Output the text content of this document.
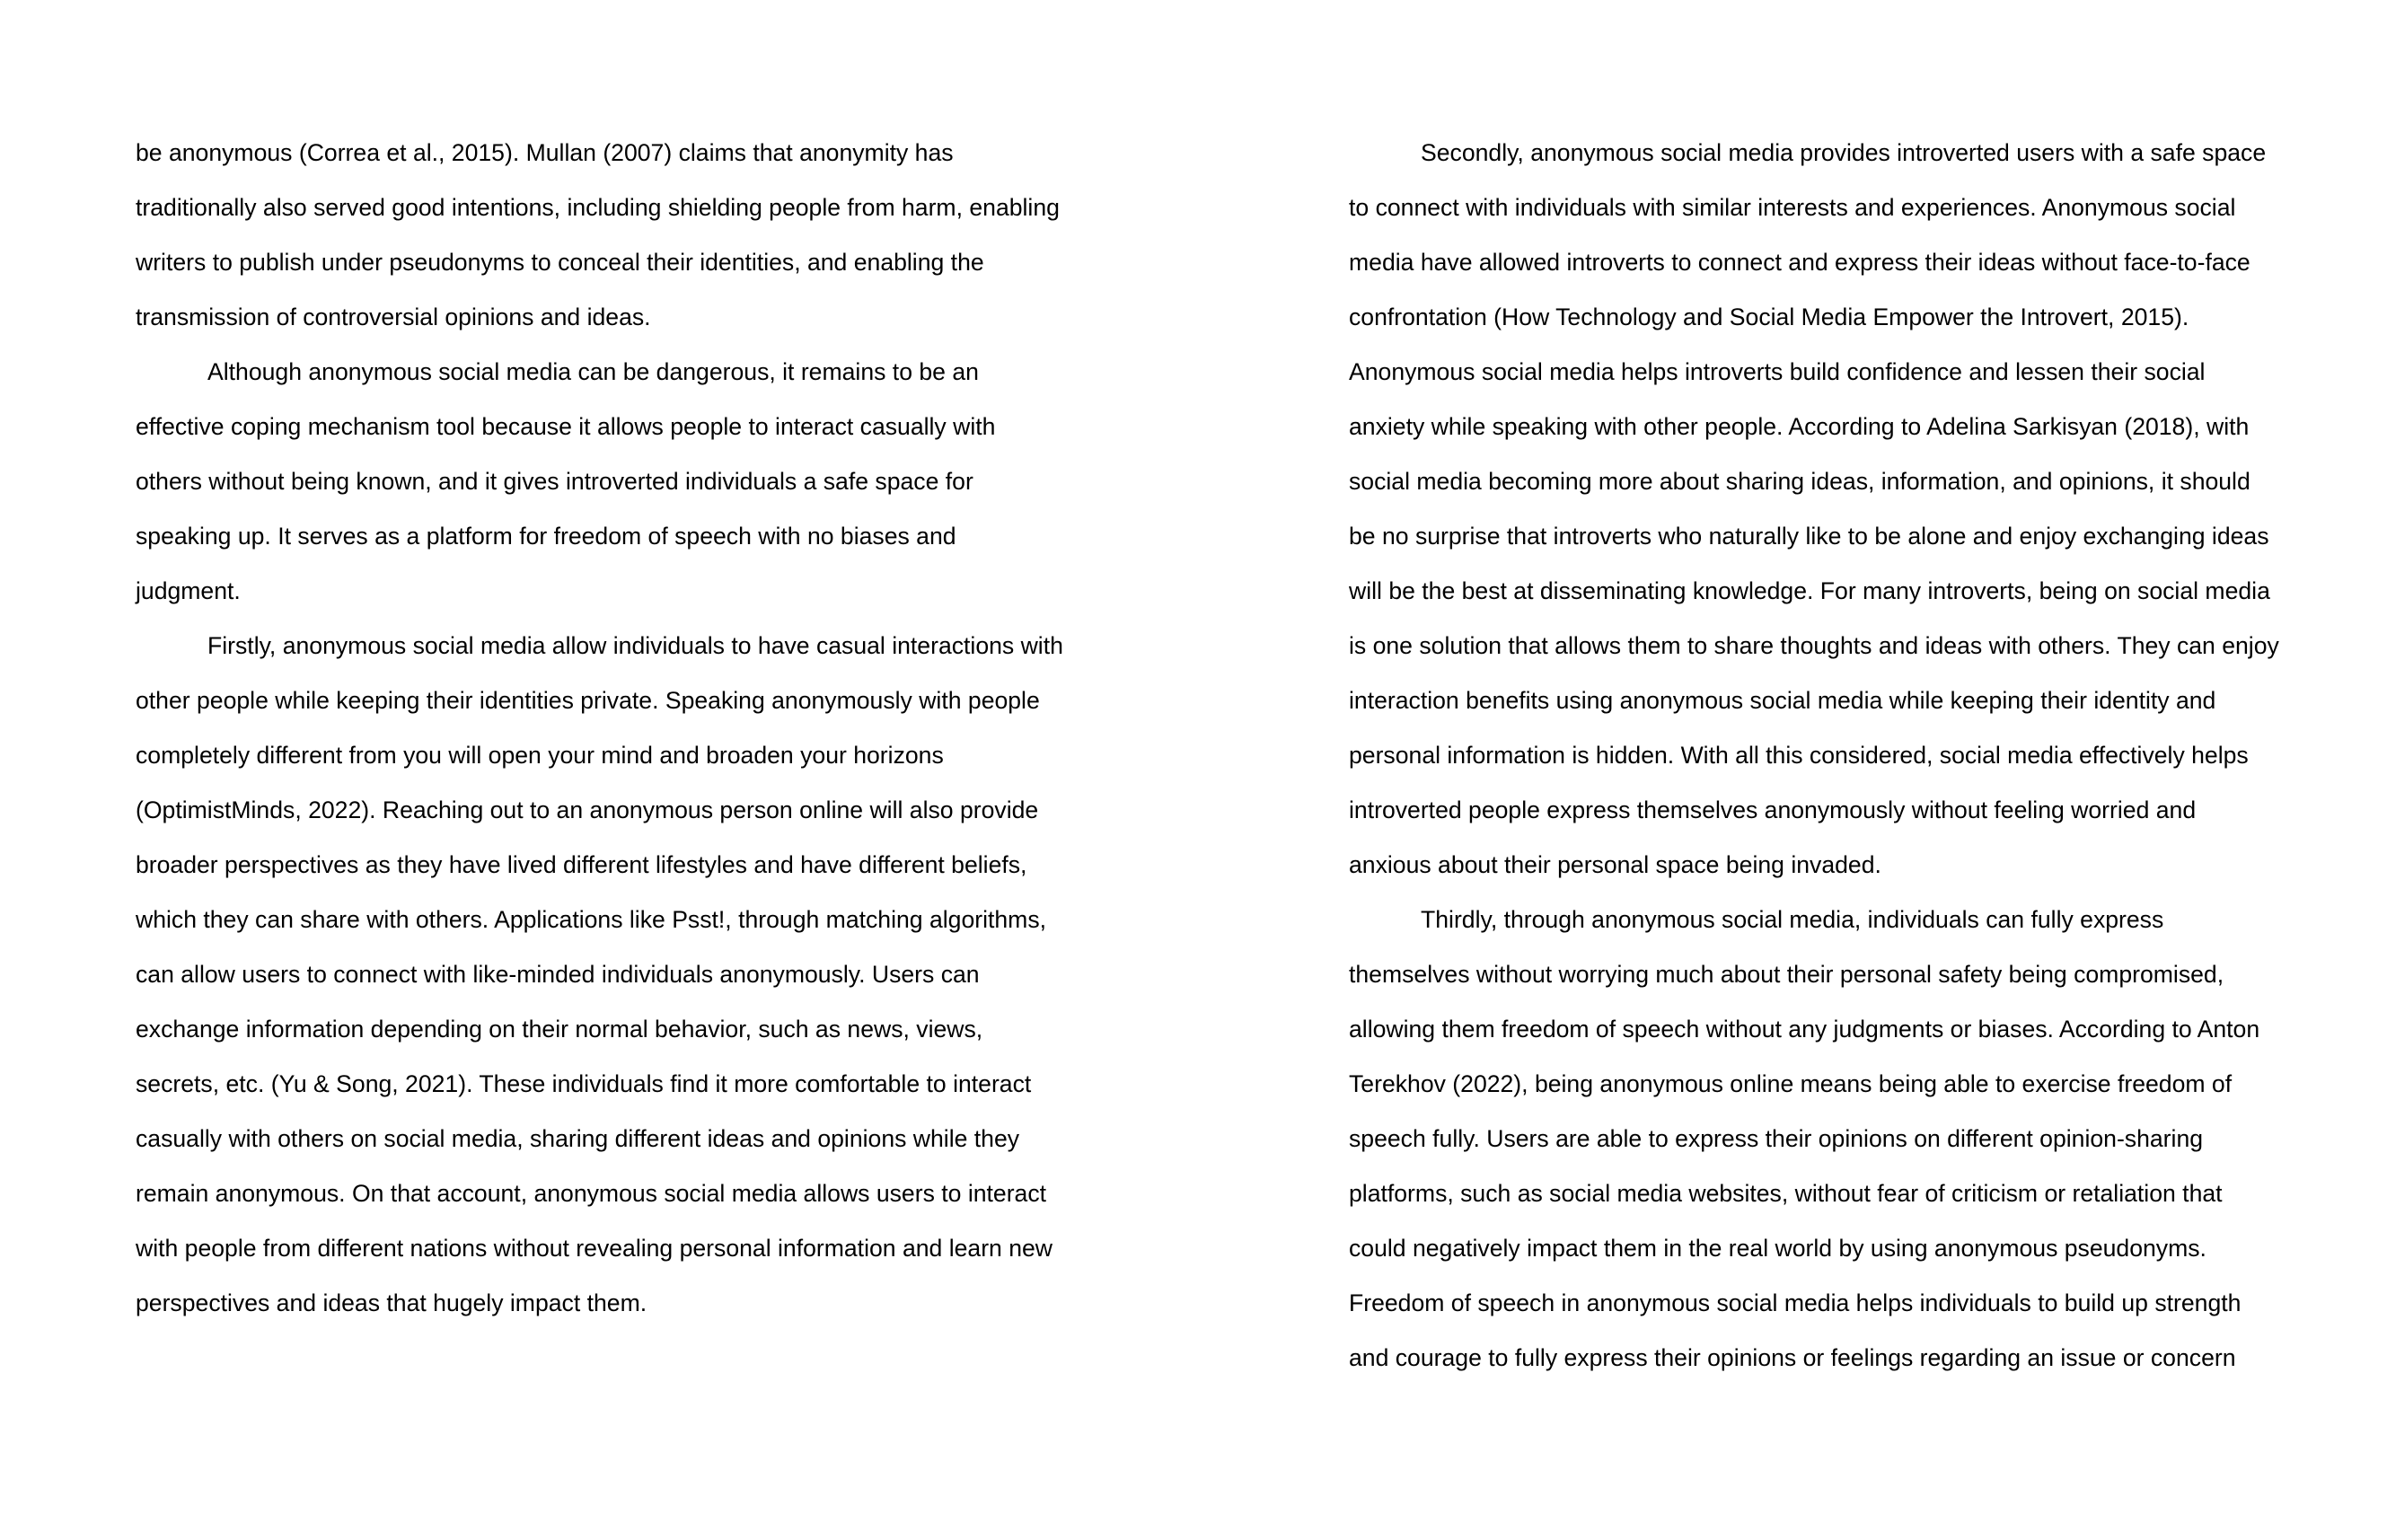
be anonymous (Correa et al., 2015). Mullan (2007) claims that anonymity has
traditionally also served good intentions, including shielding people from harm, enabling
writers to publish under pseudonyms to conceal their identities, and enabling the
transmission of controversial opinions and ideas.
Although anonymous social media can be dangerous, it remains to be an
effective coping mechanism tool because it allows people to interact casually with
others without being known, and it gives introverted individuals a safe space for
speaking up. It serves as a platform for freedom of speech with no biases and
judgment.
Firstly, anonymous social media allow individuals to have casual interactions with
other people while keeping their identities private. Speaking anonymously with people
completely different from you will open your mind and broaden your horizons
(OptimistMinds, 2022). Reaching out to an anonymous person online will also provide
broader perspectives as they have lived different lifestyles and have different beliefs,
which they can share with others. Applications like Psst!, through matching algorithms,
can allow users to connect with like-minded individuals anonymously. Users can
exchange information depending on their normal behavior, such as news, views,
secrets, etc. (Yu & Song, 2021). These individuals find it more comfortable to interact
casually with others on social media, sharing different ideas and opinions while they
remain anonymous. On that account, anonymous social media allows users to interact
with people from different nations without revealing personal information and learn new
perspectives and ideas that hugely impact them.
Secondly, anonymous social media provides introverted users with a safe space
to connect with individuals with similar interests and experiences. Anonymous social
media have allowed introverts to connect and express their ideas without face-to-face
confrontation (How Technology and Social Media Empower the Introvert, 2015).
Anonymous social media helps introverts build confidence and lessen their social
anxiety while speaking with other people. According to Adelina Sarkisyan (2018), with
social media becoming more about sharing ideas, information, and opinions, it should
be no surprise that introverts who naturally like to be alone and enjoy exchanging ideas
will be the best at disseminating knowledge. For many introverts, being on social media
is one solution that allows them to share thoughts and ideas with others. They can enjoy
interaction benefits using anonymous social media while keeping their identity and
personal information is hidden. With all this considered, social media effectively helps
introverted people express themselves anonymously without feeling worried and
anxious about their personal space being invaded.
Thirdly, through anonymous social media, individuals can fully express
themselves without worrying much about their personal safety being compromised,
allowing them freedom of speech without any judgments or biases. According to Anton
Terekhov (2022), being anonymous online means being able to exercise freedom of
speech fully. Users are able to express their opinions on different opinion-sharing
platforms, such as social media websites, without fear of criticism or retaliation that
could negatively impact them in the real world by using anonymous pseudonyms.
Freedom of speech in anonymous social media helps individuals to build up strength
and courage to fully express their opinions or feelings regarding an issue or concern
